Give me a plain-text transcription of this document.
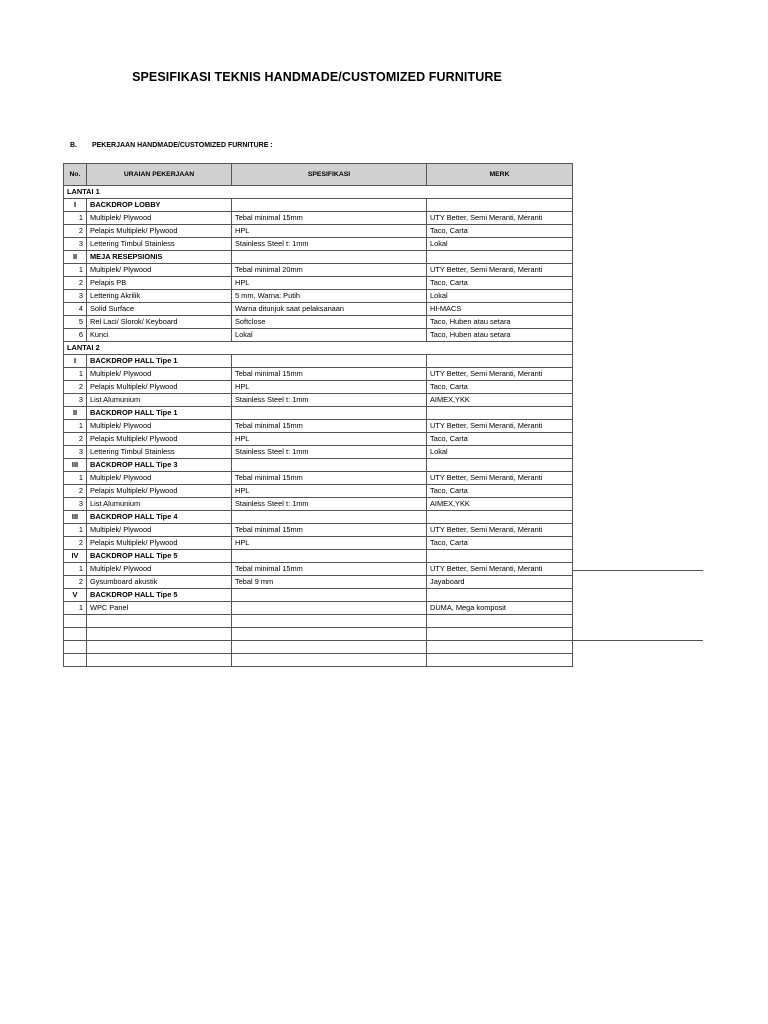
SPESIFIKASI TEKNIS HANDMADE/CUSTOMIZED FURNITURE
B. PEKERJAAN HANDMADE/CUSTOMIZED FURNITURE :
No.	URAIAN PEKERJAAN	SPESIFIKASI	MERK
LANTAI 1			
I	BACKDROP LOBBY		
1	Multiplek/ Plywood	Tebal minimal 15mm	UTY Better, Semi Meranti, Meranti
2	Pelapis Multiplek/ Plywood	HPL	Taco, Carta
3	Lettering Timbul Stainless	Stainless Steel t: 1mm	Lokal
II	MEJA RESEPSIONIS		
1	Multiplek/ Plywood	Tebal minimal 20mm	UTY Better, Semi Meranti, Meranti
2	Pelapis PB	HPL	Taco, Carta
3	Lettering Akrilik	5 mm, Warna: Putih	Lokal
4	Solid Surface	Warna ditunjuk saat pelaksanaan	HI-MACS
5	Rel Laci/ Slorok/ Keyboard	Softclose	Taco, Huben atau setara
6	Kunci	Lokal	Taco, Huben atau setara
LANTAI 2			
I	BACKDROP HALL Tipe 1		
1	Multiplek/ Plywood	Tebal minimal 15mm	UTY Better, Semi Meranti, Meranti
2	Pelapis Multiplek/ Plywood	HPL	Taco, Carta
3	List Alumunium	Stainless Steel t: 1mm	AIMEX,YKK
II	BACKDROP HALL Tipe 1		
1	Multiplek/ Plywood	Tebal minimal 15mm	UTY Better, Semi Meranti, Meranti
2	Pelapis Multiplek/ Plywood	HPL	Taco, Carta
3	Lettering Timbul Stainless	Stainless Steel t: 1mm	Lokal
III	BACKDROP HALL Tipe 3		
1	Multiplek/ Plywood	Tebal minimal 15mm	UTY Better, Semi Meranti, Meranti
2	Pelapis Multiplek/ Plywood	HPL	Taco, Carta
3	List Alumunium	Stainless Steel t: 1mm	AIMEX,YKK
III	BACKDROP HALL Tipe 4		
1	Multiplek/ Plywood	Tebal minimal 15mm	UTY Better, Semi Meranti, Meranti
2	Pelapis Multiplek/ Plywood	HPL	Taco, Carta
IV	BACKDROP HALL Tipe 5		
1	Multiplek/ Plywood	Tebal minimal 15mm	UTY Better, Semi Meranti, Meranti
2	Gysumboard akustik	Tebal 9 mm	Jayaboard
V	BACKDROP HALL Tipe 5		
1	WPC Panel		DUMA, Mega komposit
